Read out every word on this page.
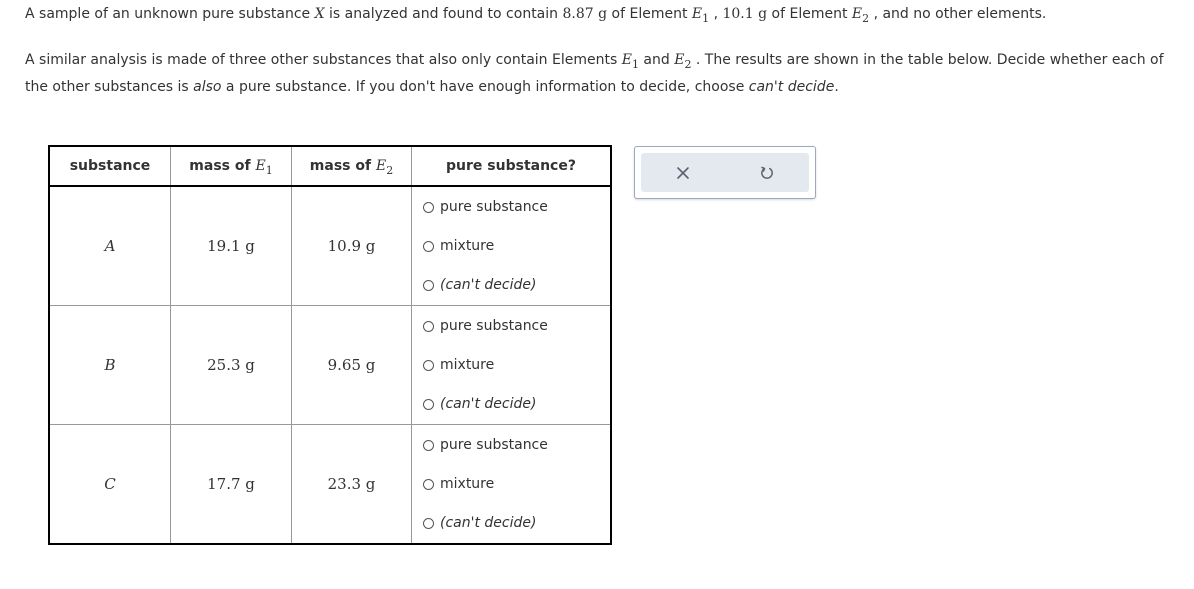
A sample of an unknown pure substance X is analyzed and found to contain 8.87 g of Element $E_1$ , 10.1 g of Element $E_2$ , and no other elements.
A similar analysis is made of three other substances that also only contain Elements $E_1$ and $E_2$ . The results are shown in the table below. Decide whether each of the other substances is also a pure substance. If you don't have enough information to decide, choose can't decide.
substance	mass of $E_1$	mass of $E_2$	pure substance?
A	19.1 g	10.9 g	pure substance
mixture
(can't decide)

B	25.3 g	9.65 g	pure substance
mixture
(can't decide)

C	17.7 g	23.3 g	pure substance
mixture
(can't decide)
